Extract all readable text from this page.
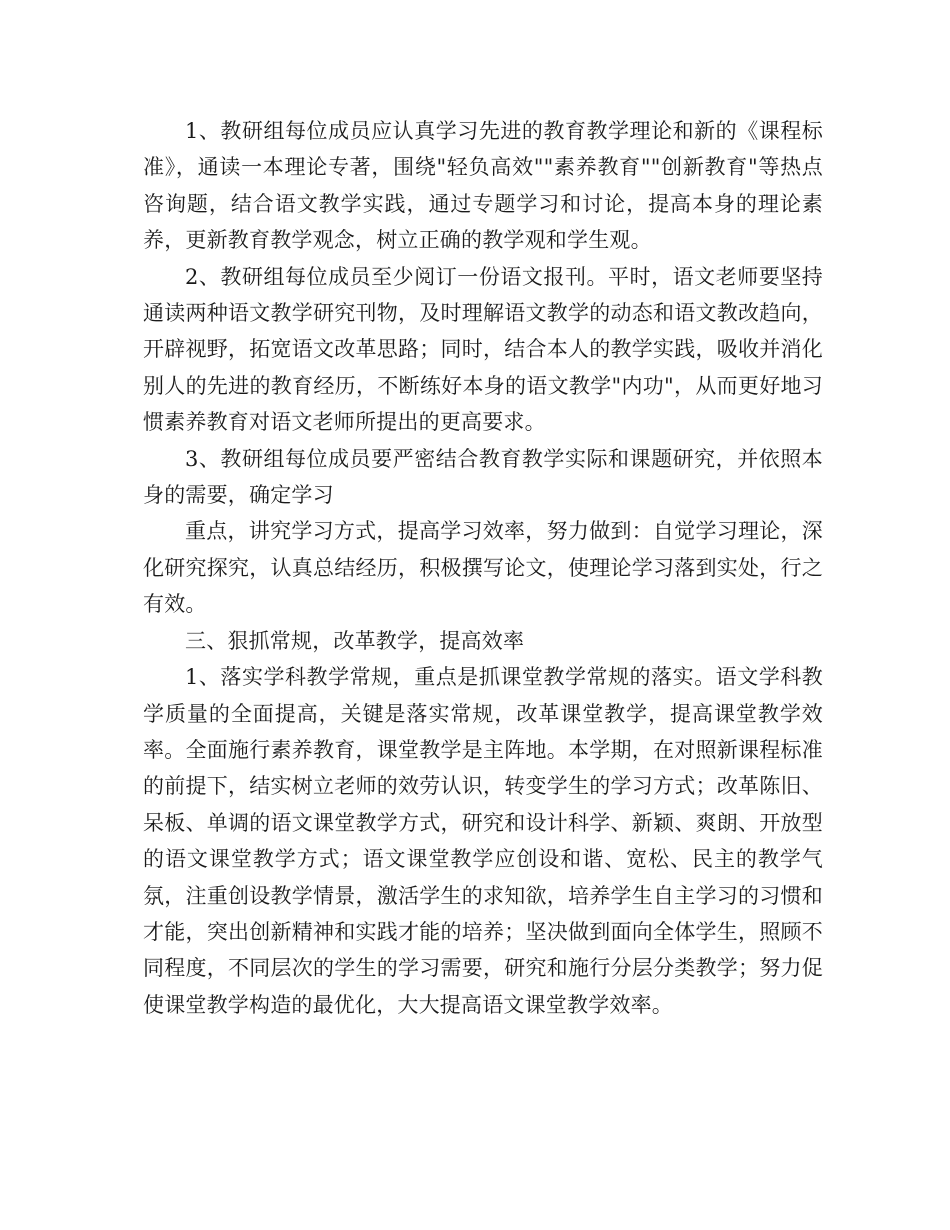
1、教研组每位成员应认真学习先进的教育教学理论和新的《课程标准》，通读一本理论专著，围绕"轻负高效""素养教育""创新教育"等热点咨询题，结合语文教学实践，通过专题学习和讨论，提高本身的理论素养，更新教育教学观念，树立正确的教学观和学生观。

2、教研组每位成员至少阅订一份语文报刊。平时，语文老师要坚持通读两种语文教学研究刊物，及时理解语文教学的动态和语文教改趋向，开辟视野，拓宽语文改革思路；同时，结合本人的教学实践，吸收并消化别人的先进的教育经历，不断练好本身的语文教学"内功"，从而更好地习惯素养教育对语文老师所提出的更高要求。

3、教研组每位成员要严密结合教育教学实际和课题研究，并依照本身的需要，确定学习

重点，讲究学习方式，提高学习效率，努力做到：自觉学习理论，深化研究探究，认真总结经历，积极撰写论文，使理论学习落到实处，行之有效。

三、狠抓常规，改革教学，提高效率

1、落实学科教学常规，重点是抓课堂教学常规的落实。语文学科教学质量的全面提高，关键是落实常规，改革课堂教学，提高课堂教学效率。全面施行素养教育，课堂教学是主阵地。本学期，在对照新课程标准的前提下，结实树立老师的效劳认识，转变学生的学习方式；改革陈旧、呆板、单调的语文课堂教学方式，研究和设计科学、新颖、爽朗、开放型的语文课堂教学方式；语文课堂教学应创设和谐、宽松、民主的教学气氛，注重创设教学情景，激活学生的求知欲，培养学生自主学习的习惯和才能，突出创新精神和实践才能的培养；坚决做到面向全体学生，照顾不同程度，不同层次的学生的学习需要，研究和施行分层分类教学；努力促使课堂教学构造的最优化，大大提高语文课堂教学效率。
